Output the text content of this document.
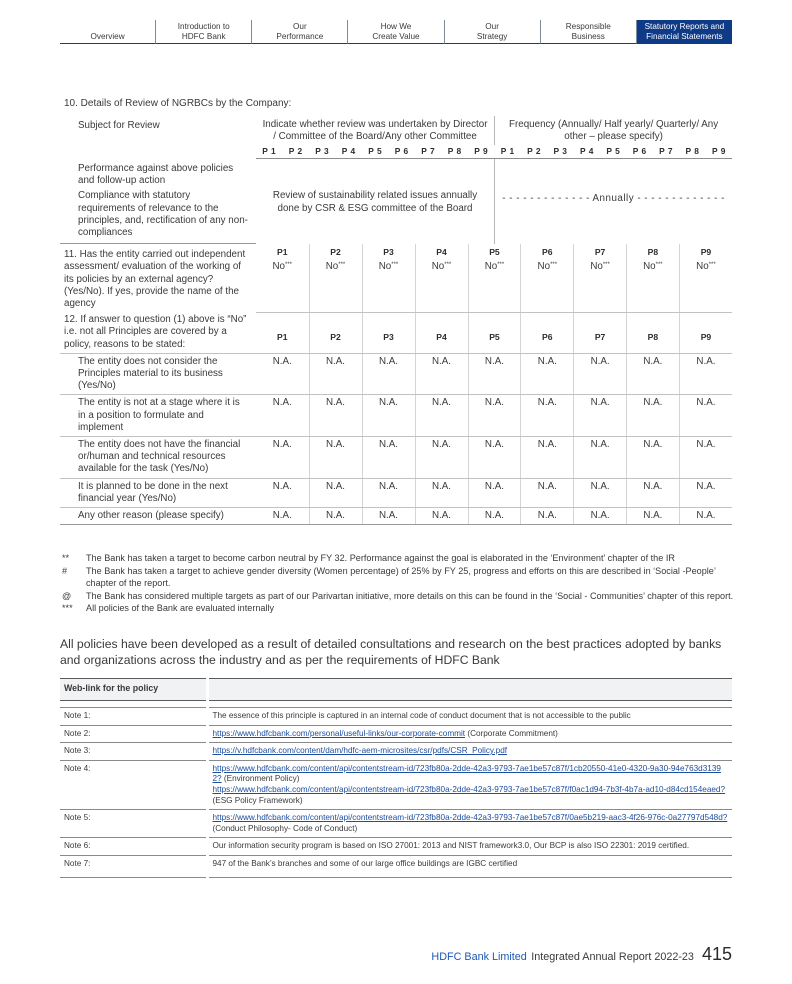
Overview
Introduction to
HDFC Bank
Our
Performance
How We
Create Value
Our
Strategy
Responsible
Business
Statutory Reports and
Financial Statements
10. Details of Review of NGRBCs by the Company:
Subject for Review	Indicate whether review was undertaken by Director / Committee of the Board/Any other Committee									Frequency (Annually/ Half yearly/ Quarterly/ Any other – please specify)								
	P 1	P 2	P 3	P 4	P 5	P 6	P 7	P 8	P 9	P 1	P 2	P 3	P 4	P 5	P 6	P 7	P 8	P 9
Performance against above policies and follow-up action	Review of sustainability related issues annually done by CSR & ESG committee of the Board									- - - - - - - - - - - - - Annually - - - - - - - - - - - - -								
Compliance with statutory requirements of relevance to the principles, and, rectification of any non-compliances																		
11. Has the entity carried out independent assessment/ evaluation of the working of its policies by an external agency? (Yes/No). If yes, provide the name of the agency	P1		P2		P3		P4		P5		P6		P7		P8		P9	
	No***		No***		No***		No***		No***		No***		No***		No***		No***
12. If answer to question (1) above is “No” i.e. not all Principles are covered by a policy, reasons to be stated:	P1		P2		P3		P4		P5		P6		P7		P8		P9	
The entity does not consider the Principles material to its business (Yes/No)	N.A.		N.A.		N.A.		N.A.		N.A.		N.A.		N.A.		N.A.		N.A.	
The entity is not at a stage where it is in a position to formulate and implement	N.A.		N.A.		N.A.		N.A.		N.A.		N.A.		N.A.		N.A.		N.A.	
The entity does not have the financial or/human and technical resources available for the task (Yes/No)	N.A.		N.A.		N.A.		N.A.		N.A.		N.A.		N.A.		N.A.		N.A.	
It is planned to be done in the next financial year (Yes/No)	N.A.		N.A.		N.A.		N.A.		N.A.		N.A.		N.A.		N.A.		N.A.	
Any other reason (please specify)	N.A.		N.A.		N.A.		N.A.		N.A.		N.A.		N.A.		N.A.		N.A.	
**	The Bank has taken a target to become carbon neutral by FY 32. Performance against the goal is elaborated in the ‘Environment’ chapter of the IR
#	The Bank has taken a target to achieve gender diversity (Women percentage) of 25% by FY 25, progress and efforts on this are described in ‘Social -People’ chapter of the report.
@	The Bank has considered multiple targets as part of our Parivartan initiative, more details on this can be found in the ‘Social - Communities’ chapter of this report.
***	All policies of the Bank are evaluated internally
All policies have been developed as a result of detailed consultations and research on the best practices adopted by banks and organizations across the industry and as per the requirements of HDFC Bank
Web-link for the policy	

Note 1:	The essence of this principle is captured in an internal code of conduct document that is not accessible to the public
Note 2:	https://www.hdfcbank.com/personal/useful-links/our-corporate-commit (Corporate Commitment)
Note 3:	https://v.hdfcbank.com/content/dam/hdfc-aem-microsites/csr/pdfs/CSR_Policy.pdf
Note 4:	https://www.hdfcbank.com/content/api/contentstream-id/723fb80a-2dde-42a3-9793-7ae1be57c87f/1cb20550-41e0-4320-9a30-94e763d31392? (Environment Policy)
https://www.hdfcbank.com/content/api/contentstream-id/723fb80a-2dde-42a3-9793-7ae1be57c87f/f0ac1d94-7b3f-4b7a-ad10-d84cd154eaed? (ESG Policy Framework)
Note 5:	https://www.hdfcbank.com/content/api/contentstream-id/723fb80a-2dde-42a3-9793-7ae1be57c87f/0ae5b219-aac3-4f26-976c-0a27797d548d? (Conduct Philosophy- Code of Conduct)
Note 6:	Our information security program is based on ISO 27001: 2013 and NIST framework3.0, Our BCP is also ISO 22301: 2019 certified.
Note 7:	947 of the Bank’s branches and some of our large office buildings are IGBC certified
HDFC Bank Limited Integrated Annual Report 2022-23 415
